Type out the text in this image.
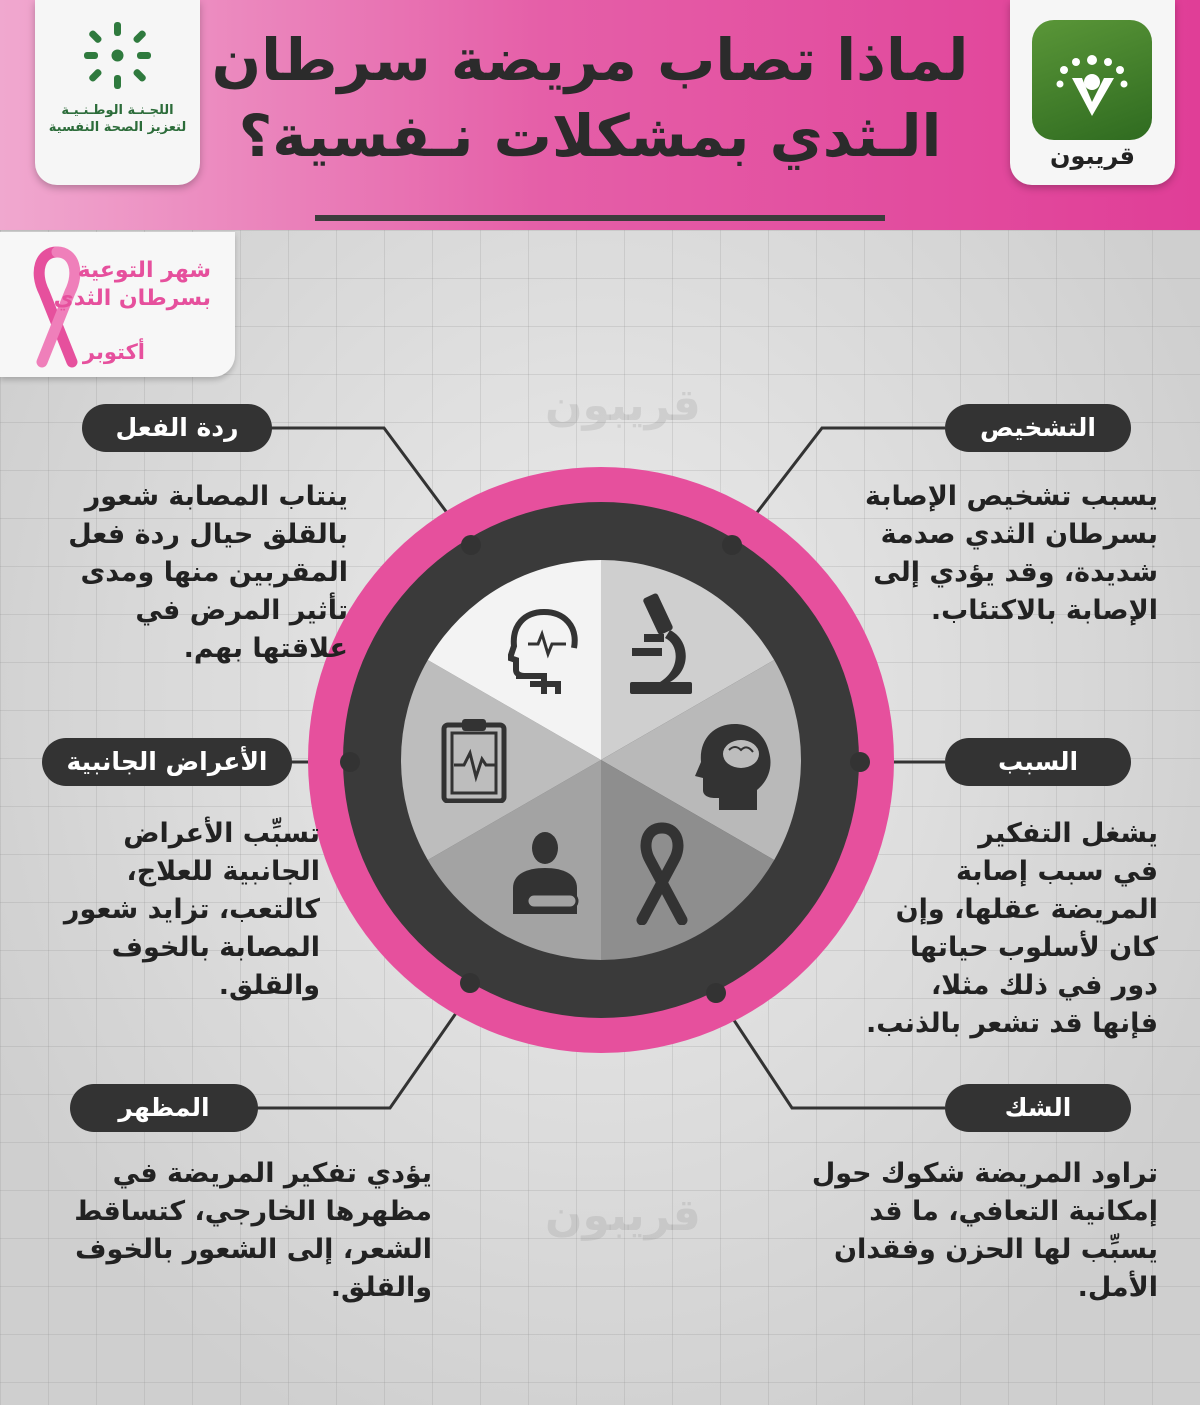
قريبون
قريبون
لماذا تصاب مريضة سرطان
الـثدي بمشكلات نـفسية؟	قريبون
اللجـنـة الوطـنـيـة
لتعزيز الصحة النفسية
شهر التوعية
بسرطان الثدي
أكتوبر
التشخيص
يسبب تشخيص الإصابة
بسرطان الثدي صدمة
شديدة، وقد يؤدي إلى
الإصابة بالاكتئاب.
السبب
يشغل التفكير
في سبب إصابة
المريضة عقلها، وإن
كان لأسلوب حياتها
دور في ذلك مثلا،
فإنها قد تشعر بالذنب.
الشك
تراود المريضة شكوك حول
إمكانية التعافي، ما قد
يسبِّب لها الحزن وفقدان
الأمل.
ردة الفعل
ينتاب المصابة شعور
بالقلق حيال ردة فعل
المقربين منها ومدى
تأثير المرض في
علاقتها بهم.
الأعراض الجانبية
تسبِّب الأعراض
الجانبية للعلاج،
كالتعب، تزايد شعور
المصابة بالخوف
والقلق.
المظهر
يؤدي تفكير المريضة في
مظهرها الخارجي، كتساقط
الشعر، إلى الشعور بالخوف
والقلق.
